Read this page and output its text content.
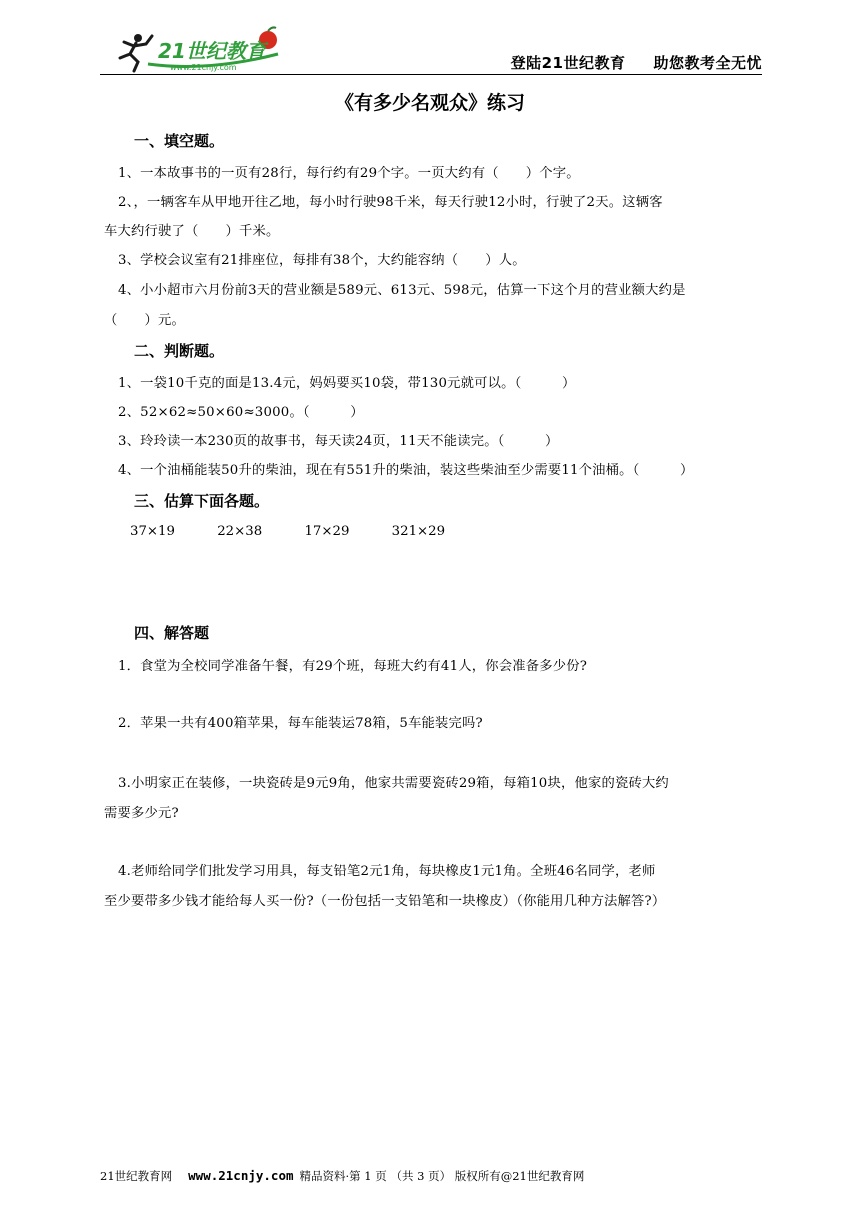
21世纪教育
www.21cnjy.com	登陆21世纪教育 助您教考全无忧
《有多少名观众》练习
一、填空题。
1、一本故事书的一页有28行，每行约有29个字。一页大约有（　　）个字。
2、，一辆客车从甲地开往乙地，每小时行驶98千米，每天行驶12小时，行驶了2天。这辆客
车大约行驶了（　　）千米。
3、学校会议室有21排座位，每排有38个，大约能容纳（　　）人。
4、小小超市六月份前3天的营业额是589元、613元、598元，估算一下这个月的营业额大约是
（　　）元。
二、判断题。
1、一袋10千克的面是13.4元，妈妈要买10袋，带130元就可以。（　　　）
2、52×62≈50×60≈3000。（　　　）
3、玲玲读一本230页的故事书，每天读24页，11天不能读完。（　　　）
4、一个油桶能装50升的柴油，现在有551升的柴油，装这些柴油至少需要11个油桶。（　　　）
三、估算下面各题。
37×19	22×38	17×29	321×29
四、解答题
1．食堂为全校同学准备午餐，有29个班，每班大约有41人，你会准备多少份?
2．苹果一共有400箱苹果，每车能装运78箱，5车能装完吗?
3.小明家正在装修，一块瓷砖是9元9角，他家共需要瓷砖29箱，每箱10块，他家的瓷砖大约
需要多少元?
4.老师给同学们批发学习用具，每支铅笔2元1角，每块橡皮1元1角。全班46名同学，老师
至少要带多少钱才能给每人买一份?（一份包括一支铅笔和一块橡皮）（你能用几种方法解答?）
21世纪教育网 www.21cnjy.com 精品资料·第 1 页 （共 3 页） 版权所有@21世纪教育网
